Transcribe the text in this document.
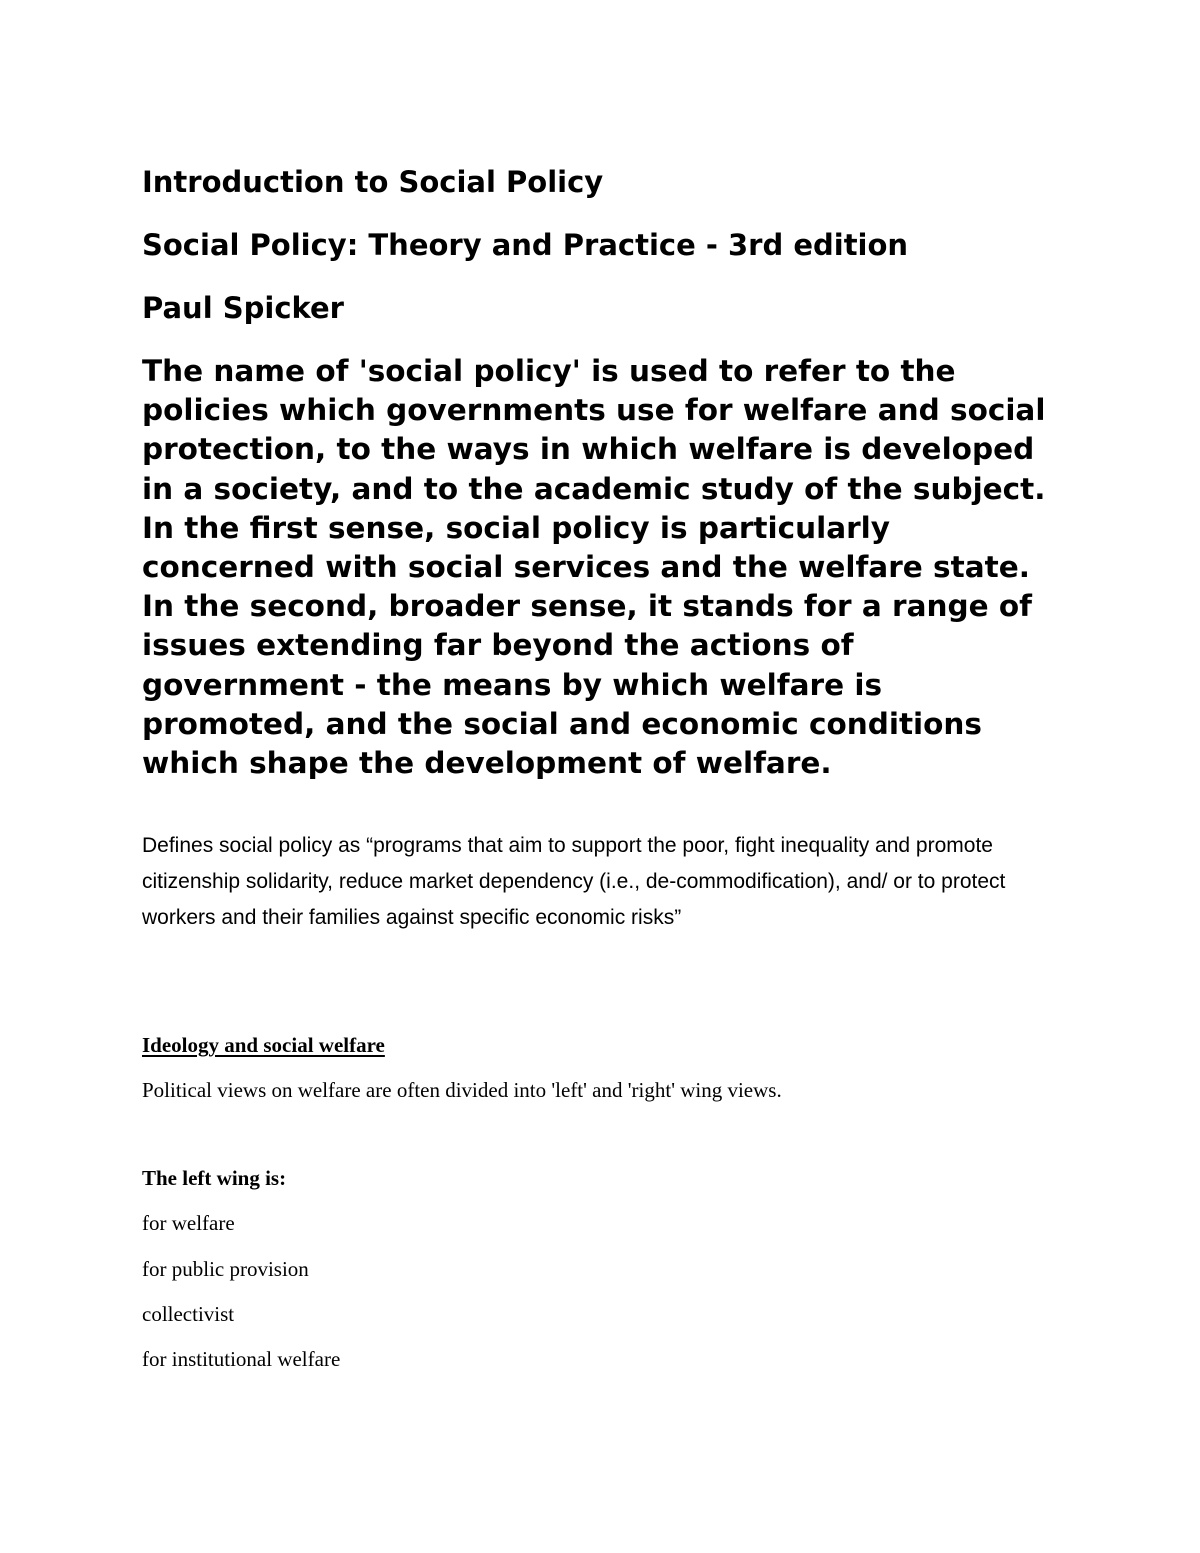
Introduction to Social Policy
Social Policy: Theory and Practice - 3rd edition
Paul Spicker

The name of 'social policy' is used to refer to the policies which governments use for welfare and social protection, to the ways in which welfare is developed in a society, and to the academic study of the subject. In the first sense, social policy is particularly concerned with social services and the welfare state. In the second, broader sense, it stands for a range of issues extending far beyond the actions of government - the means by which welfare is promoted, and the social and economic conditions which shape the development of welfare.

Defines social policy as “programs that aim to support the poor, fight inequality and promote citizenship solidarity, reduce market dependency (i.e., de-commodification), and/ or to protect workers and their families against specific economic risks”

Ideology and social welfare

Political views on welfare are often divided into 'left' and 'right' wing views.

The left wing is:

for welfare

for public provision

collectivist

for institutional welfare
